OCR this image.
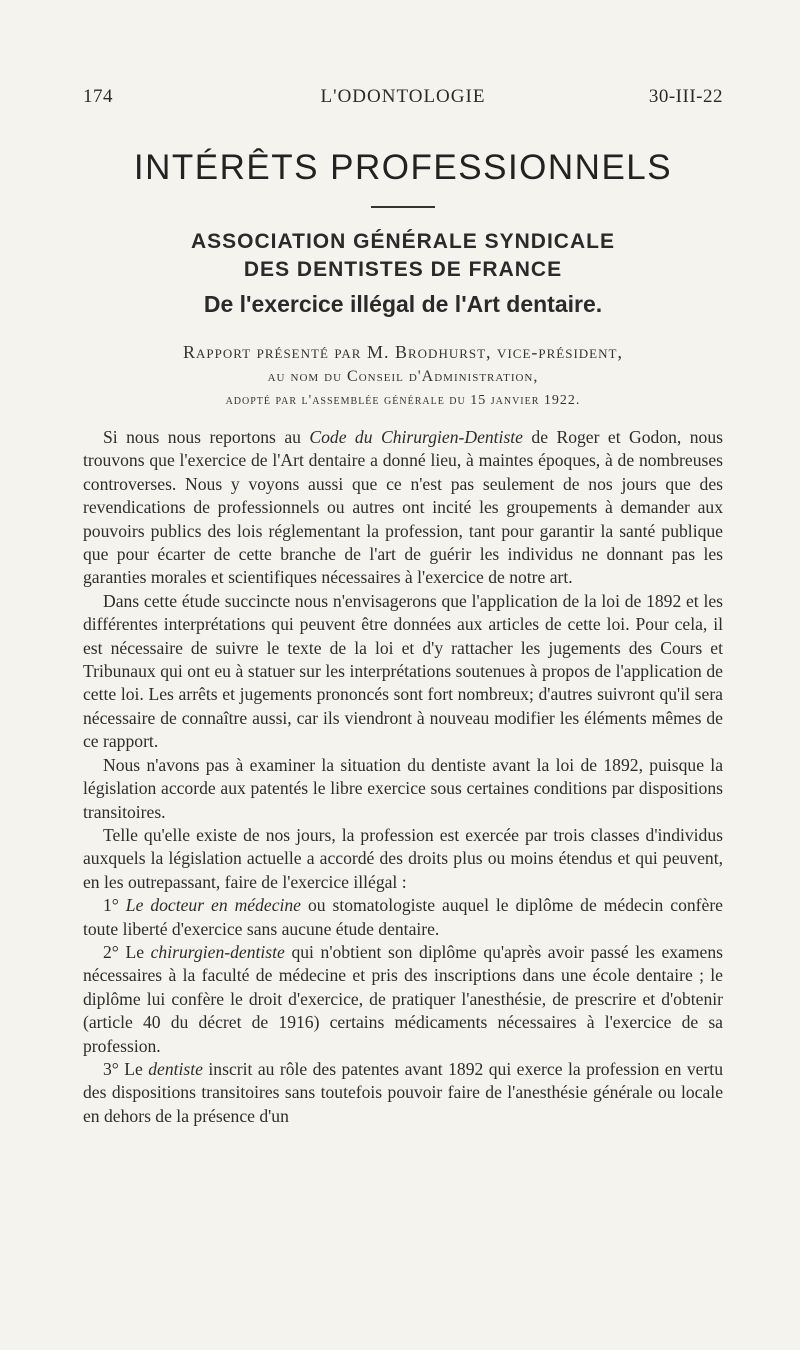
174	L'ODONTOLOGIE	30-III-22
INTÉRÊTS PROFESSIONNELS
ASSOCIATION GÉNÉRALE SYNDICALE
DES DENTISTES DE FRANCE
De l'exercice illégal de l'Art dentaire.
Rapport présenté par M. Brodhurst, vice-président,
au nom du Conseil d'Administration,
adopté par l'assemblée générale du 15 janvier 1922.

Si nous nous reportons au Code du Chirurgien-Dentiste de Roger et Godon, nous trouvons que l'exercice de l'Art dentaire a donné lieu, à maintes époques, à de nombreuses controverses. Nous y voyons aussi que ce n'est pas seulement de nos jours que des revendications de professionnels ou autres ont incité les groupements à demander aux pouvoirs publics des lois réglementant la profession, tant pour garantir la santé publique que pour écarter de cette branche de l'art de guérir les individus ne donnant pas les garanties morales et scientifiques nécessaires à l'exercice de notre art.

Dans cette étude succincte nous n'envisagerons que l'application de la loi de 1892 et les différentes interprétations qui peuvent être données aux articles de cette loi. Pour cela, il est nécessaire de suivre le texte de la loi et d'y rattacher les jugements des Cours et Tribunaux qui ont eu à statuer sur les interprétations soutenues à propos de l'application de cette loi. Les arrêts et jugements prononcés sont fort nombreux; d'autres suivront qu'il sera nécessaire de connaître aussi, car ils viendront à nouveau modifier les éléments mêmes de ce rapport.

Nous n'avons pas à examiner la situation du dentiste avant la loi de 1892, puisque la législation accorde aux patentés le libre exercice sous certaines conditions par dispositions transitoires.

Telle qu'elle existe de nos jours, la profession est exercée par trois classes d'individus auxquels la législation actuelle a accordé des droits plus ou moins étendus et qui peuvent, en les outrepassant, faire de l'exercice illégal :

1° Le docteur en médecine ou stomatologiste auquel le diplôme de médecin confère toute liberté d'exercice sans aucune étude dentaire.

2° Le chirurgien-dentiste qui n'obtient son diplôme qu'après avoir passé les examens nécessaires à la faculté de médecine et pris des inscriptions dans une école dentaire ; le diplôme lui confère le droit d'exercice, de pratiquer l'anesthésie, de prescrire et d'obtenir (article 40 du décret de 1916) certains médicaments nécessaires à l'exercice de sa profession.

3° Le dentiste inscrit au rôle des patentes avant 1892 qui exerce la profession en vertu des dispositions transitoires sans toutefois pouvoir faire de l'anesthésie générale ou locale en dehors de la présence d'un
